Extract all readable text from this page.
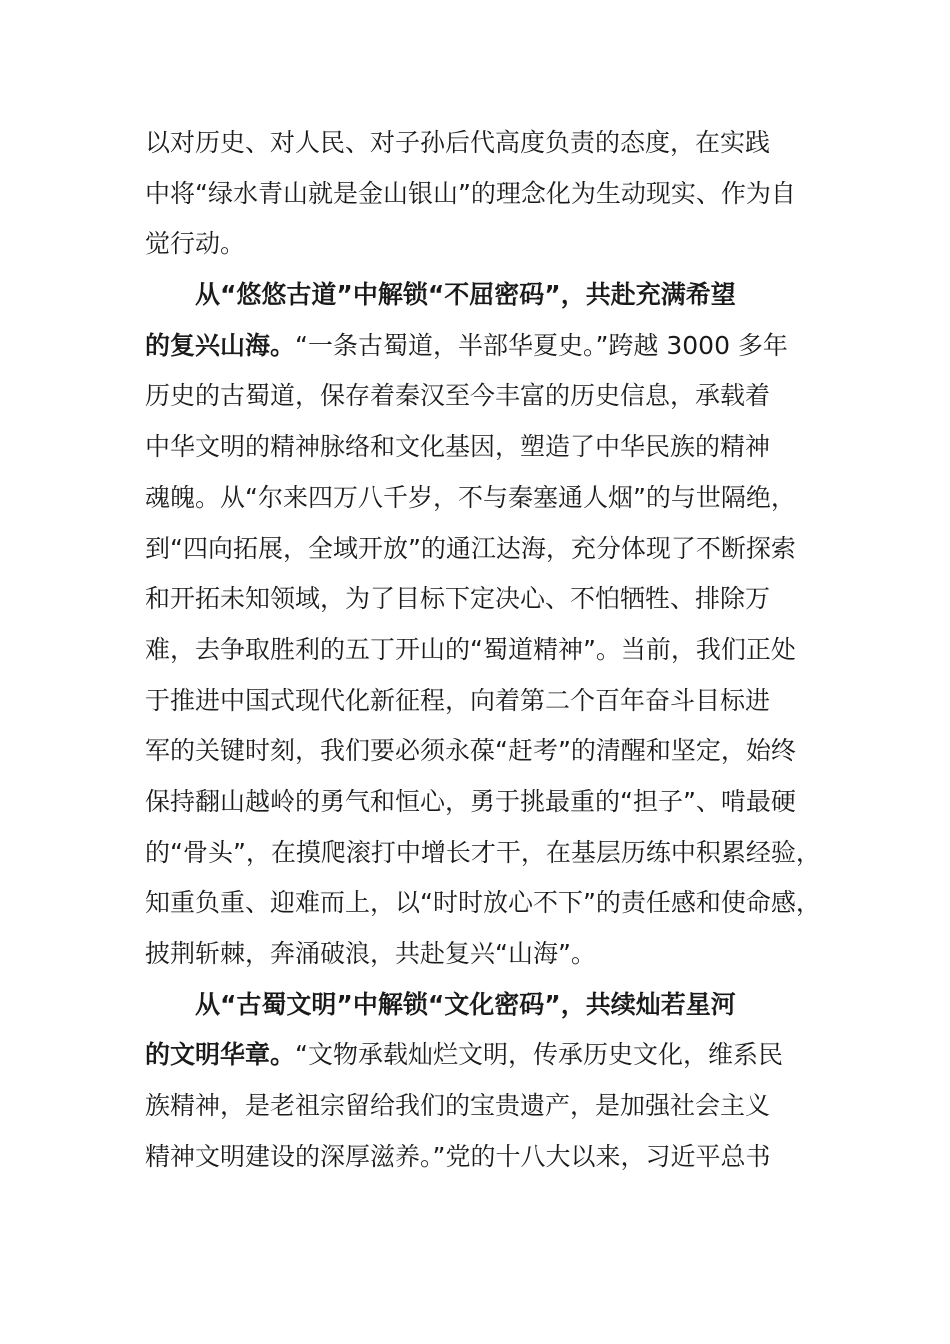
以对历史、对人民、对子孙后代高度负责的态度，在实践
中将“绿水青山就是金山银山”的理念化为生动现实、作为自
觉行动。
从“悠悠古道”中解锁“不屈密码”，共赴充满希望
的复兴山海。“一条古蜀道，半部华夏史。”跨越 3000 多年
历史的古蜀道，保存着秦汉至今丰富的历史信息，承载着
中华文明的精神脉络和文化基因，塑造了中华民族的精神
魂魄。从“尔来四万八千岁，不与秦塞通人烟”的与世隔绝，
到“四向拓展，全域开放”的通江达海，充分体现了不断探索
和开拓未知领域，为了目标下定决心、不怕牺牲、排除万
难，去争取胜利的五丁开山的“蜀道精神”。当前，我们正处
于推进中国式现代化新征程，向着第二个百年奋斗目标进
军的关键时刻，我们要必须永葆“赶考”的清醒和坚定，始终
保持翻山越岭的勇气和恒心，勇于挑最重的“担子”、啃最硬
的“骨头”，在摸爬滚打中增长才干，在基层历练中积累经验，
知重负重、迎难而上，以“时时放心不下”的责任感和使命感，
披荆斩棘，奔涌破浪，共赴复兴“山海”。
从“古蜀文明”中解锁“文化密码”，共续灿若星河
的文明华章。“文物承载灿烂文明，传承历史文化，维系民
族精神，是老祖宗留给我们的宝贵遗产，是加强社会主义
精神文明建设的深厚滋养。”党的十八大以来，习近平总书
